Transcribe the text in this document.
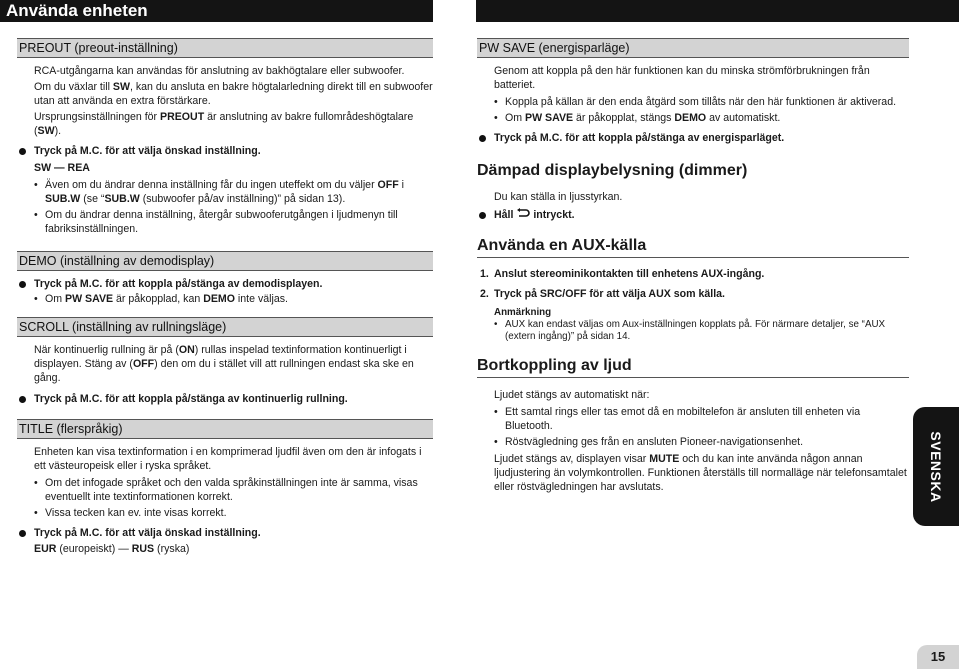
Använda enheten
PREOUT (preout-inställning)

RCA-utgångarna kan användas för anslutning av bakhögtalare eller subwoofer.

Om du växlar till SW, kan du ansluta en bakre högtalarledning direkt till en subwoofer utan att använda en extra förstärkare.

Ursprungsinställningen för PREOUT är anslutning av bakre fullområdeshögtalare (SW).

Tryck på M.C. för att välja önskad inställning.

SW — REA

• Även om du ändrar denna inställning får du ingen uteffekt om du väljer OFF i SUB.W (se “SUB.W (subwoofer på/av inställning)” på sidan 13).
• Om du ändrar denna inställning, återgår subwooferutgången i ljudmenyn till fabriksinställningen.
DEMO (inställning av demodisplay)
Tryck på M.C. för att koppla på/stänga av demodisplayen.
• Om PW SAVE är påkopplad, kan DEMO inte väljas.
SCROLL (inställning av rullningsläge)

När kontinuerlig rullning är på (ON) rullas inspelad textinformation kontinuerligt i displayen. Stäng av (OFF) den om du i stället vill att rullningen endast ska ske en gång.

Tryck på M.C. för att koppla på/stänga av kontinuerlig rullning.
TITLE (flerspråkig)

Enheten kan visa textinformation i en komprimerad ljudfil även om den är infogats i ett västeuropeisk eller i ryska språket.

• Om det infogade språket och den valda språkinställningen inte är samma, visas eventuellt inte textinformationen korrekt.
• Vissa tecken kan ev. inte visas korrekt.
Tryck på M.C. för att välja önskad inställning.

EUR (europeiskt) — RUS (ryska)

PW SAVE (energisparläge)

Genom att koppla på den här funktionen kan du minska strömförbrukningen från batteriet.

• Koppla på källan är den enda åtgärd som tillåts när den här funktionen är aktiverad.
• Om PW SAVE är påkopplat, stängs DEMO av automatiskt.
Tryck på M.C. för att koppla på/stänga av energisparläget.
Dämpad displaybelysning (dimmer)

Du kan ställa in ljusstyrkan.

Håll intryckt.
Använda en AUX-källa
1. Anslut stereominikontakten till enhetens AUX-ingång.
2. Tryck på SRC/OFF för att välja AUX som källa.

Anmärkning

• AUX kan endast väljas om Aux-inställningen kopplats på. För närmare detaljer, se “AUX (extern ingång)” på sidan 14.
Bortkoppling av ljud

Ljudet stängs av automatiskt när:

• Ett samtal rings eller tas emot då en mobiltelefon är ansluten till enheten via Bluetooth.
• Röstvägledning ges från en ansluten Pioneer-navigationsenhet.

Ljudet stängs av, displayen visar MUTE och du kan inte använda någon annan ljudjustering än volymkontrollen. Funktionen återställs till normalläge när telefonsamtalet eller röstvägledningen har avslutats.	SVENSKA
15
